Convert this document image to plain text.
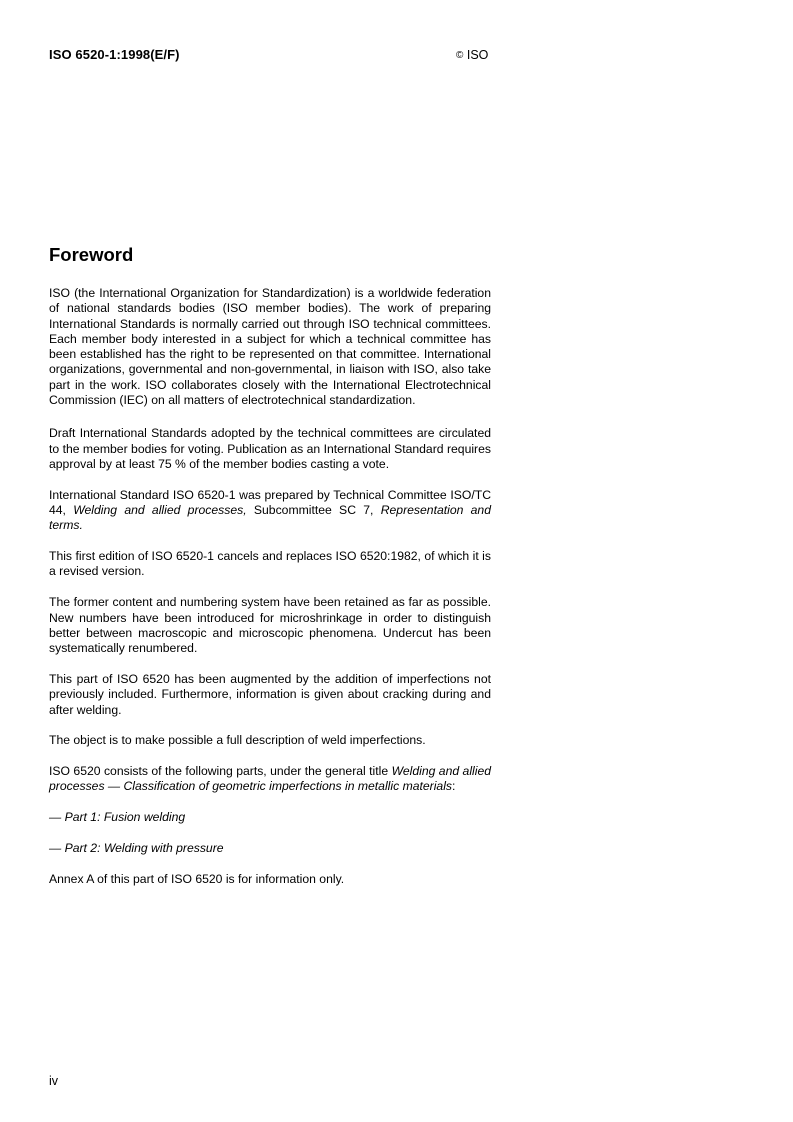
ISO 6520-1:1998(E/F)	© ISO
Foreword

ISO (the International Organization for Standardization) is a worldwide federation of national standards bodies (ISO member bodies). The work of preparing International Standards is normally carried out through ISO technical committees. Each member body interested in a subject for which a technical committee has been established has the right to be represented on that committee. International organizations, governmental and non-governmental, in liaison with ISO, also take part in the work. ISO collaborates closely with the International Electrotechnical Commission (IEC) on all matters of electrotechnical standardization.

Draft International Standards adopted by the technical committees are circulated to the member bodies for voting. Publication as an International Standard requires approval by at least 75 % of the member bodies casting a vote.

International Standard ISO 6520-1 was prepared by Technical Committee ISO/TC 44, Welding and allied processes, Subcommittee SC 7, Representation and terms.

This first edition of ISO 6520-1 cancels and replaces ISO 6520:1982, of which it is a revised version.

The former content and numbering system have been retained as far as possible. New numbers have been introduced for microshrinkage in order to distinguish better between macroscopic and microscopic phenomena. Undercut has been systematically renumbered.

This part of ISO 6520 has been augmented by the addition of imperfections not previously included. Furthermore, information is given about cracking during and after welding.

The object is to make possible a full description of weld imperfections.

ISO 6520 consists of the following parts, under the general title Welding and allied processes — Classification of geometric imperfections in metallic materials:

— Part 1: Fusion welding

— Part 2: Welding with pressure

Annex A of this part of ISO 6520 is for information only.

iv
